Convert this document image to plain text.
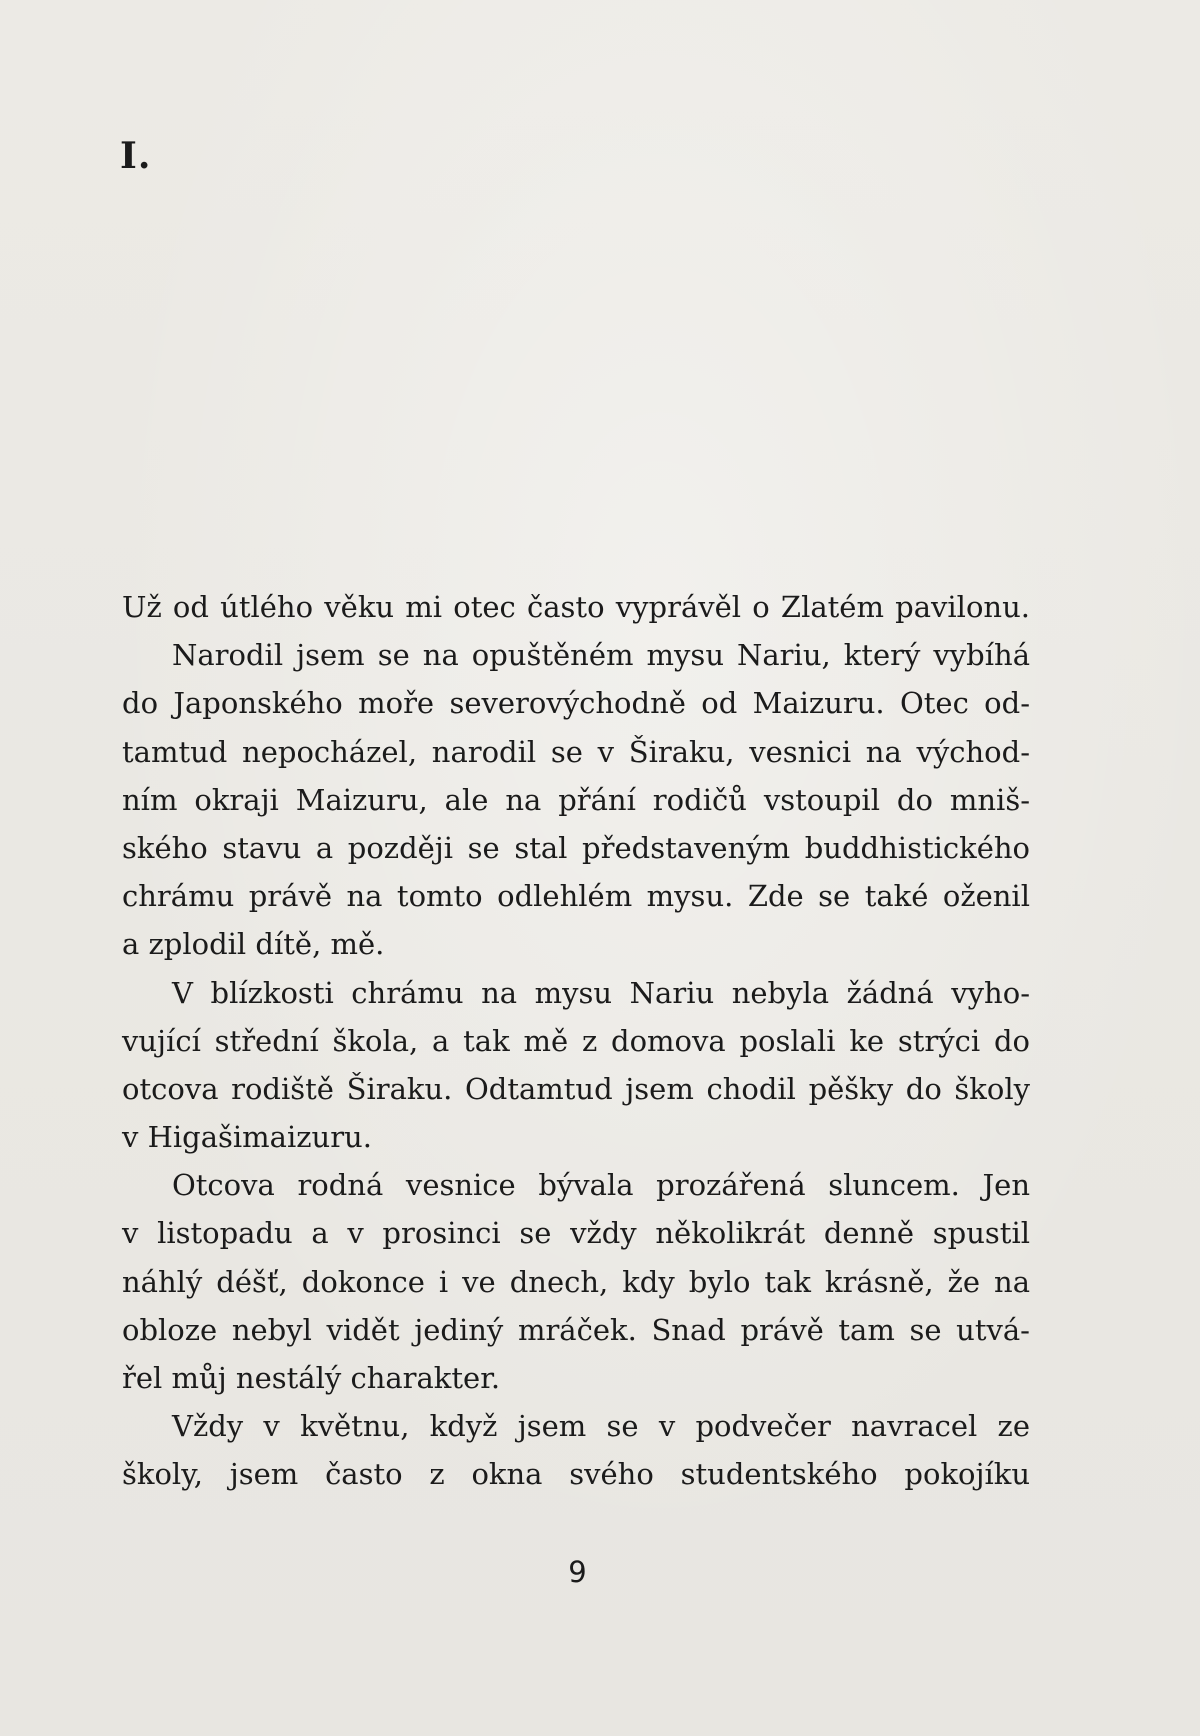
I.
Už od útlého věku mi otec často vyprávěl o Zlatém pavilonu.
Narodil jsem se na opuštěném mysu Nariu, který vybíhá
do Japonského moře severovýchodně od Maizuru. Otec od-
tamtud nepocházel, narodil se v Širaku, vesnici na východ-
ním okraji Maizuru, ale na přání rodičů vstoupil do mniš-
ského stavu a později se stal představeným buddhistického
chrámu právě na tomto odlehlém mysu. Zde se také oženil
a zplodil dítě, mě.
V blízkosti chrámu na mysu Nariu nebyla žádná vyho-
vující střední škola, a tak mě z domova poslali ke strýci do
otcova rodiště Širaku. Odtamtud jsem chodil pěšky do školy
v Higašimaizuru.
Otcova rodná vesnice bývala prozářená sluncem. Jen
v listopadu a v prosinci se vždy několikrát denně spustil
náhlý déšť, dokonce i ve dnech, kdy bylo tak krásně, že na
obloze nebyl vidět jediný mráček. Snad právě tam se utvá-
řel můj nestálý charakter.
Vždy v květnu, když jsem se v podvečer navracel ze
školy, jsem často z okna svého studentského pokojíku
9
